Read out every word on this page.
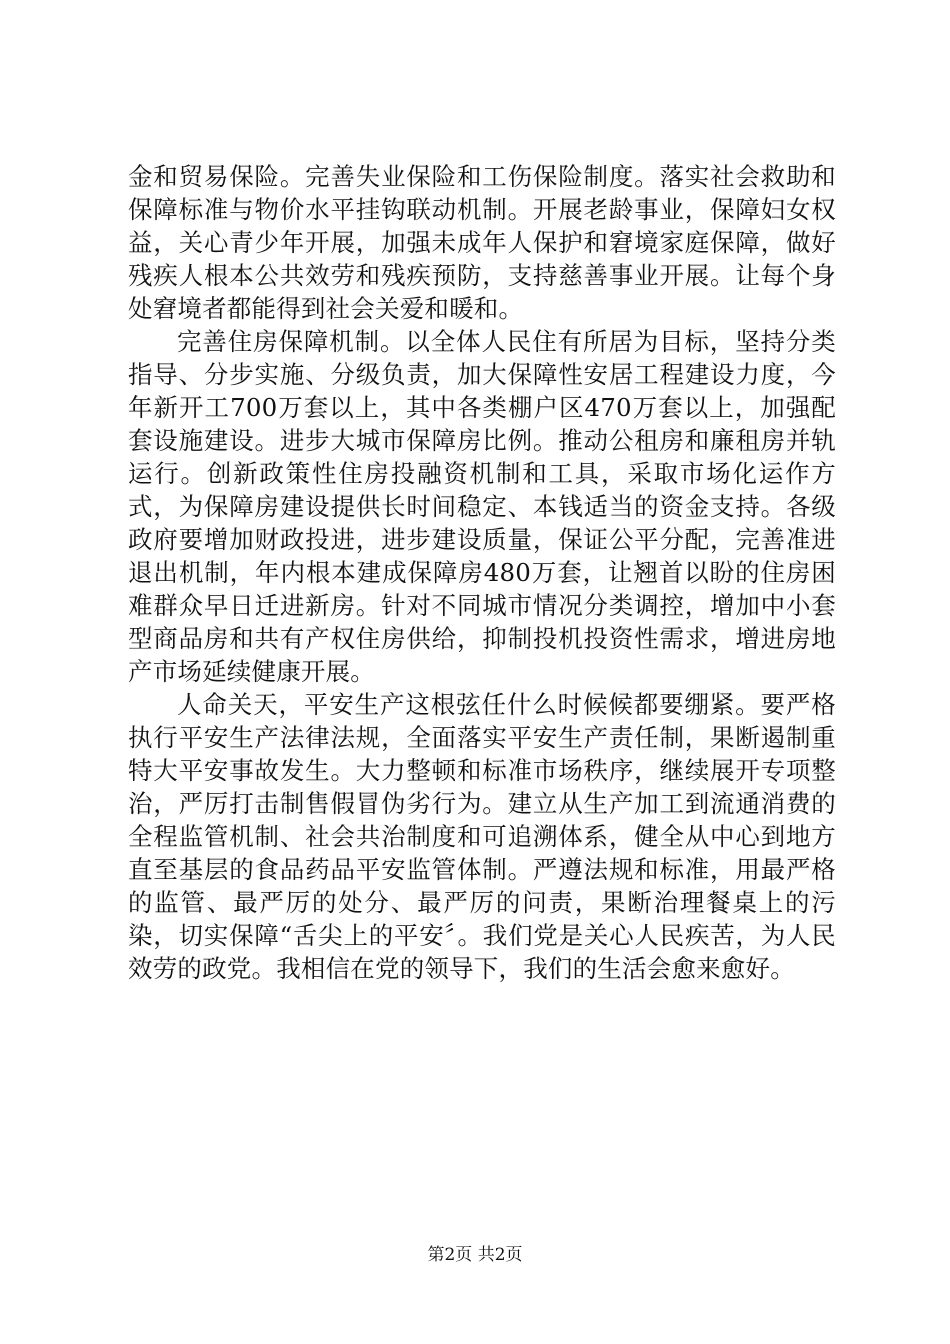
金和贸易保险。完善失业保险和工伤保险制度。落实社会救助和保障标准与物价水平挂钩联动机制。开展老龄事业，保障妇女权益，关心青少年开展，加强未成年人保护和窘境家庭保障，做好残疾人根本公共效劳和残疾预防，支持慈善事业开展。让每个身处窘境者都能得到社会关爱和暖和。

完善住房保障机制。以全体人民住有所居为目标，坚持分类指导、分步实施、分级负责，加大保障性安居工程建设力度，今年新开工700万套以上，其中各类棚户区470万套以上，加强配套设施建设。进步大城市保障房比例。推动公租房和廉租房并轨运行。创新政策性住房投融资机制和工具，采取市场化运作方式，为保障房建设提供长时间稳定、本钱适当的资金支持。各级政府要增加财政投进，进步建设质量，保证公平分配，完善准进退出机制，年内根本建成保障房480万套，让翘首以盼的住房困难群众早日迁进新房。针对不同城市情况分类调控，增加中小套型商品房和共有产权住房供给，抑制投机投资性需求，增进房地产市场延续健康开展。

人命关天，平安生产这根弦任什么时候候都要绷紧。要严格执行平安生产法律法规，全面落实平安生产责任制，果断遏制重特大平安事故发生。大力整顿和标准市场秩序，继续展开专项整治，严厉打击制售假冒伪劣行为。建立从生产加工到流通消费的全程监管机制、社会共治制度和可追溯体系，健全从中心到地方直至基层的食品药品平安监管体制。严遵法规和标准，用最严格的监管、最严厉的处分、最严厉的问责，果断治理餐桌上的污染，切实保障“舌尖上的平安〞。我们党是关心人民疾苦，为人民效劳的政党。我相信在党的领导下，我们的生活会愈来愈好。

第2页 共2页
